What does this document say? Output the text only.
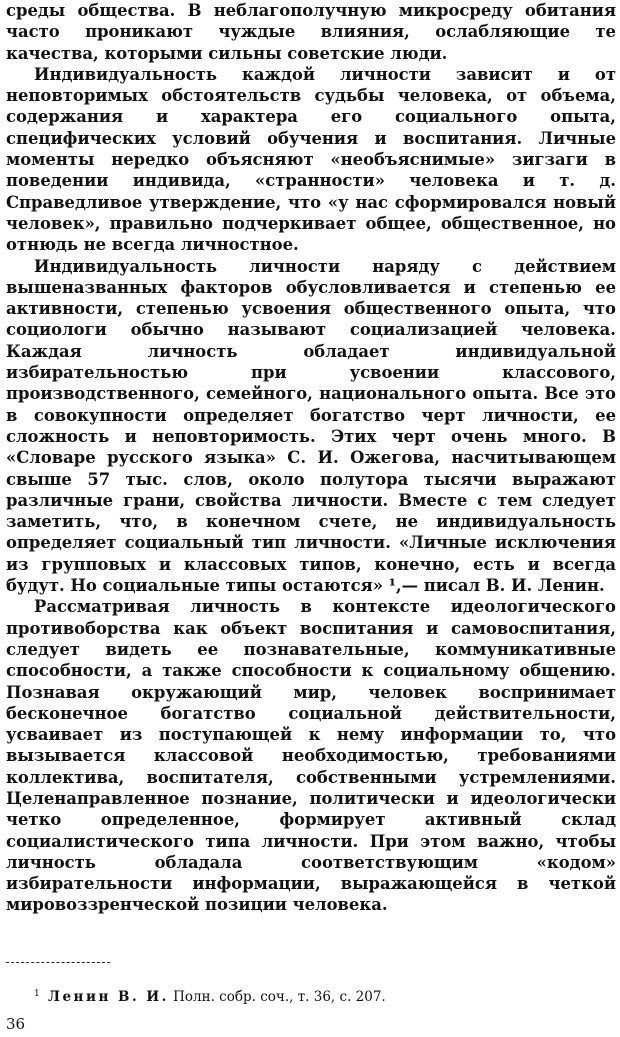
среды общества. В неблагополучную микросреду обитания часто проникают чуждые влияния, ослабляющие те качества, которыми сильны советские люди.

Индивидуальность каждой личности зависит и от неповторимых обстоятельств судьбы человека, от объема, содержания и характера его социального опыта, специфических условий обучения и воспитания. Личные моменты нередко объясняют «необъяснимые» зигзаги в поведении индивида, «странности» человека и т. д. Справедливое утверждение, что «у нас сформировался новый человек», правильно подчеркивает общее, общественное, но отнюдь не всегда личностное.

Индивидуальность личности наряду с действием вышеназванных факторов обусловливается и степенью ее активности, степенью усвоения общественного опыта, что социологи обычно называют социализацией человека. Каждая личность обладает индивидуальной избирательностью при усвоении классового, производственного, семейного, национального опыта. Все это в совокупности определяет богатство черт личности, ее сложность и неповторимость. Этих черт очень много. В «Словаре русского языка» С. И. Ожегова, насчитывающем свыше 57 тыс. слов, около полутора тысячи выражают различные грани, свойства личности. Вместе с тем следует заметить, что, в конечном счете, не индивидуальность определяет социальный тип личности. «Личные исключения из групповых и классовых типов, конечно, есть и всегда будут. Но социальные типы остаются» ¹,— писал В. И. Ленин.

Рассматривая личность в контексте идеологического противоборства как объект воспитания и самовоспитания, следует видеть ее познавательные, коммуникативные способности, а также способности к социальному общению. Познавая окружающий мир, человек воспринимает бесконечное богатство социальной действительности, усваивает из поступающей к нему информации то, что вызывается классовой необходимостью, требованиями коллектива, воспитателя, собственными устремлениями. Целенаправленное познание, политически и идеологически четко определенное, формирует активный склад социалистического типа личности. При этом важно, чтобы личность обладала соответствующим «кодом» избирательности информации, выражающейся в четкой мировоззренческой позиции человека.

$^1$ Ленин В. И. Полн. собр. соч., т. 36, с. 207.
36
